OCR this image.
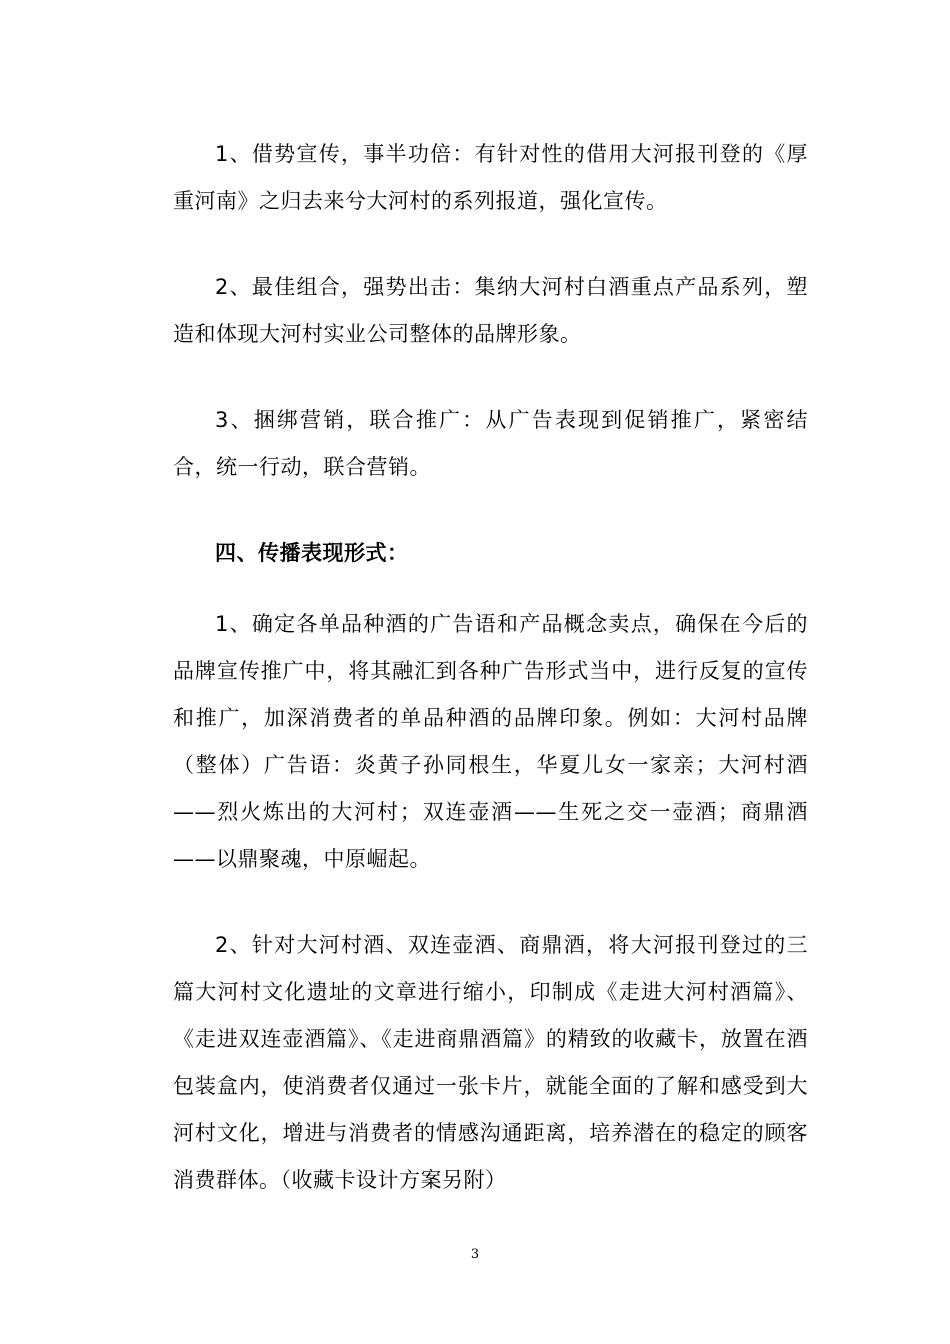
1、借势宣传，事半功倍：有针对性的借用大河报刊登的《厚重河南》之归去来兮大河村的系列报道，强化宣传。

2、最佳组合，强势出击：集纳大河村白酒重点产品系列，塑造和体现大河村实业公司整体的品牌形象。

3、捆绑营销，联合推广：从广告表现到促销推广，紧密结合，统一行动，联合营销。

四、传播表现形式：

1、确定各单品种酒的广告语和产品概念卖点，确保在今后的品牌宣传推广中，将其融汇到各种广告形式当中，进行反复的宣传和推广，加深消费者的单品种酒的品牌印象。例如：大河村品牌（整体）广告语：炎黄子孙同根生，华夏儿女一家亲；大河村酒——烈火炼出的大河村；双连壶酒——生死之交一壶酒；商鼎酒——以鼎聚魂，中原崛起。

2、针对大河村酒、双连壶酒、商鼎酒，将大河报刊登过的三篇大河村文化遗址的文章进行缩小，印制成《走进大河村酒篇》、《走进双连壶酒篇》、《走进商鼎酒篇》的精致的收藏卡，放置在酒包装盒内，使消费者仅通过一张卡片，就能全面的了解和感受到大河村文化，增进与消费者的情感沟通距离，培养潜在的稳定的顾客消费群体。（收藏卡设计方案另附）

3
